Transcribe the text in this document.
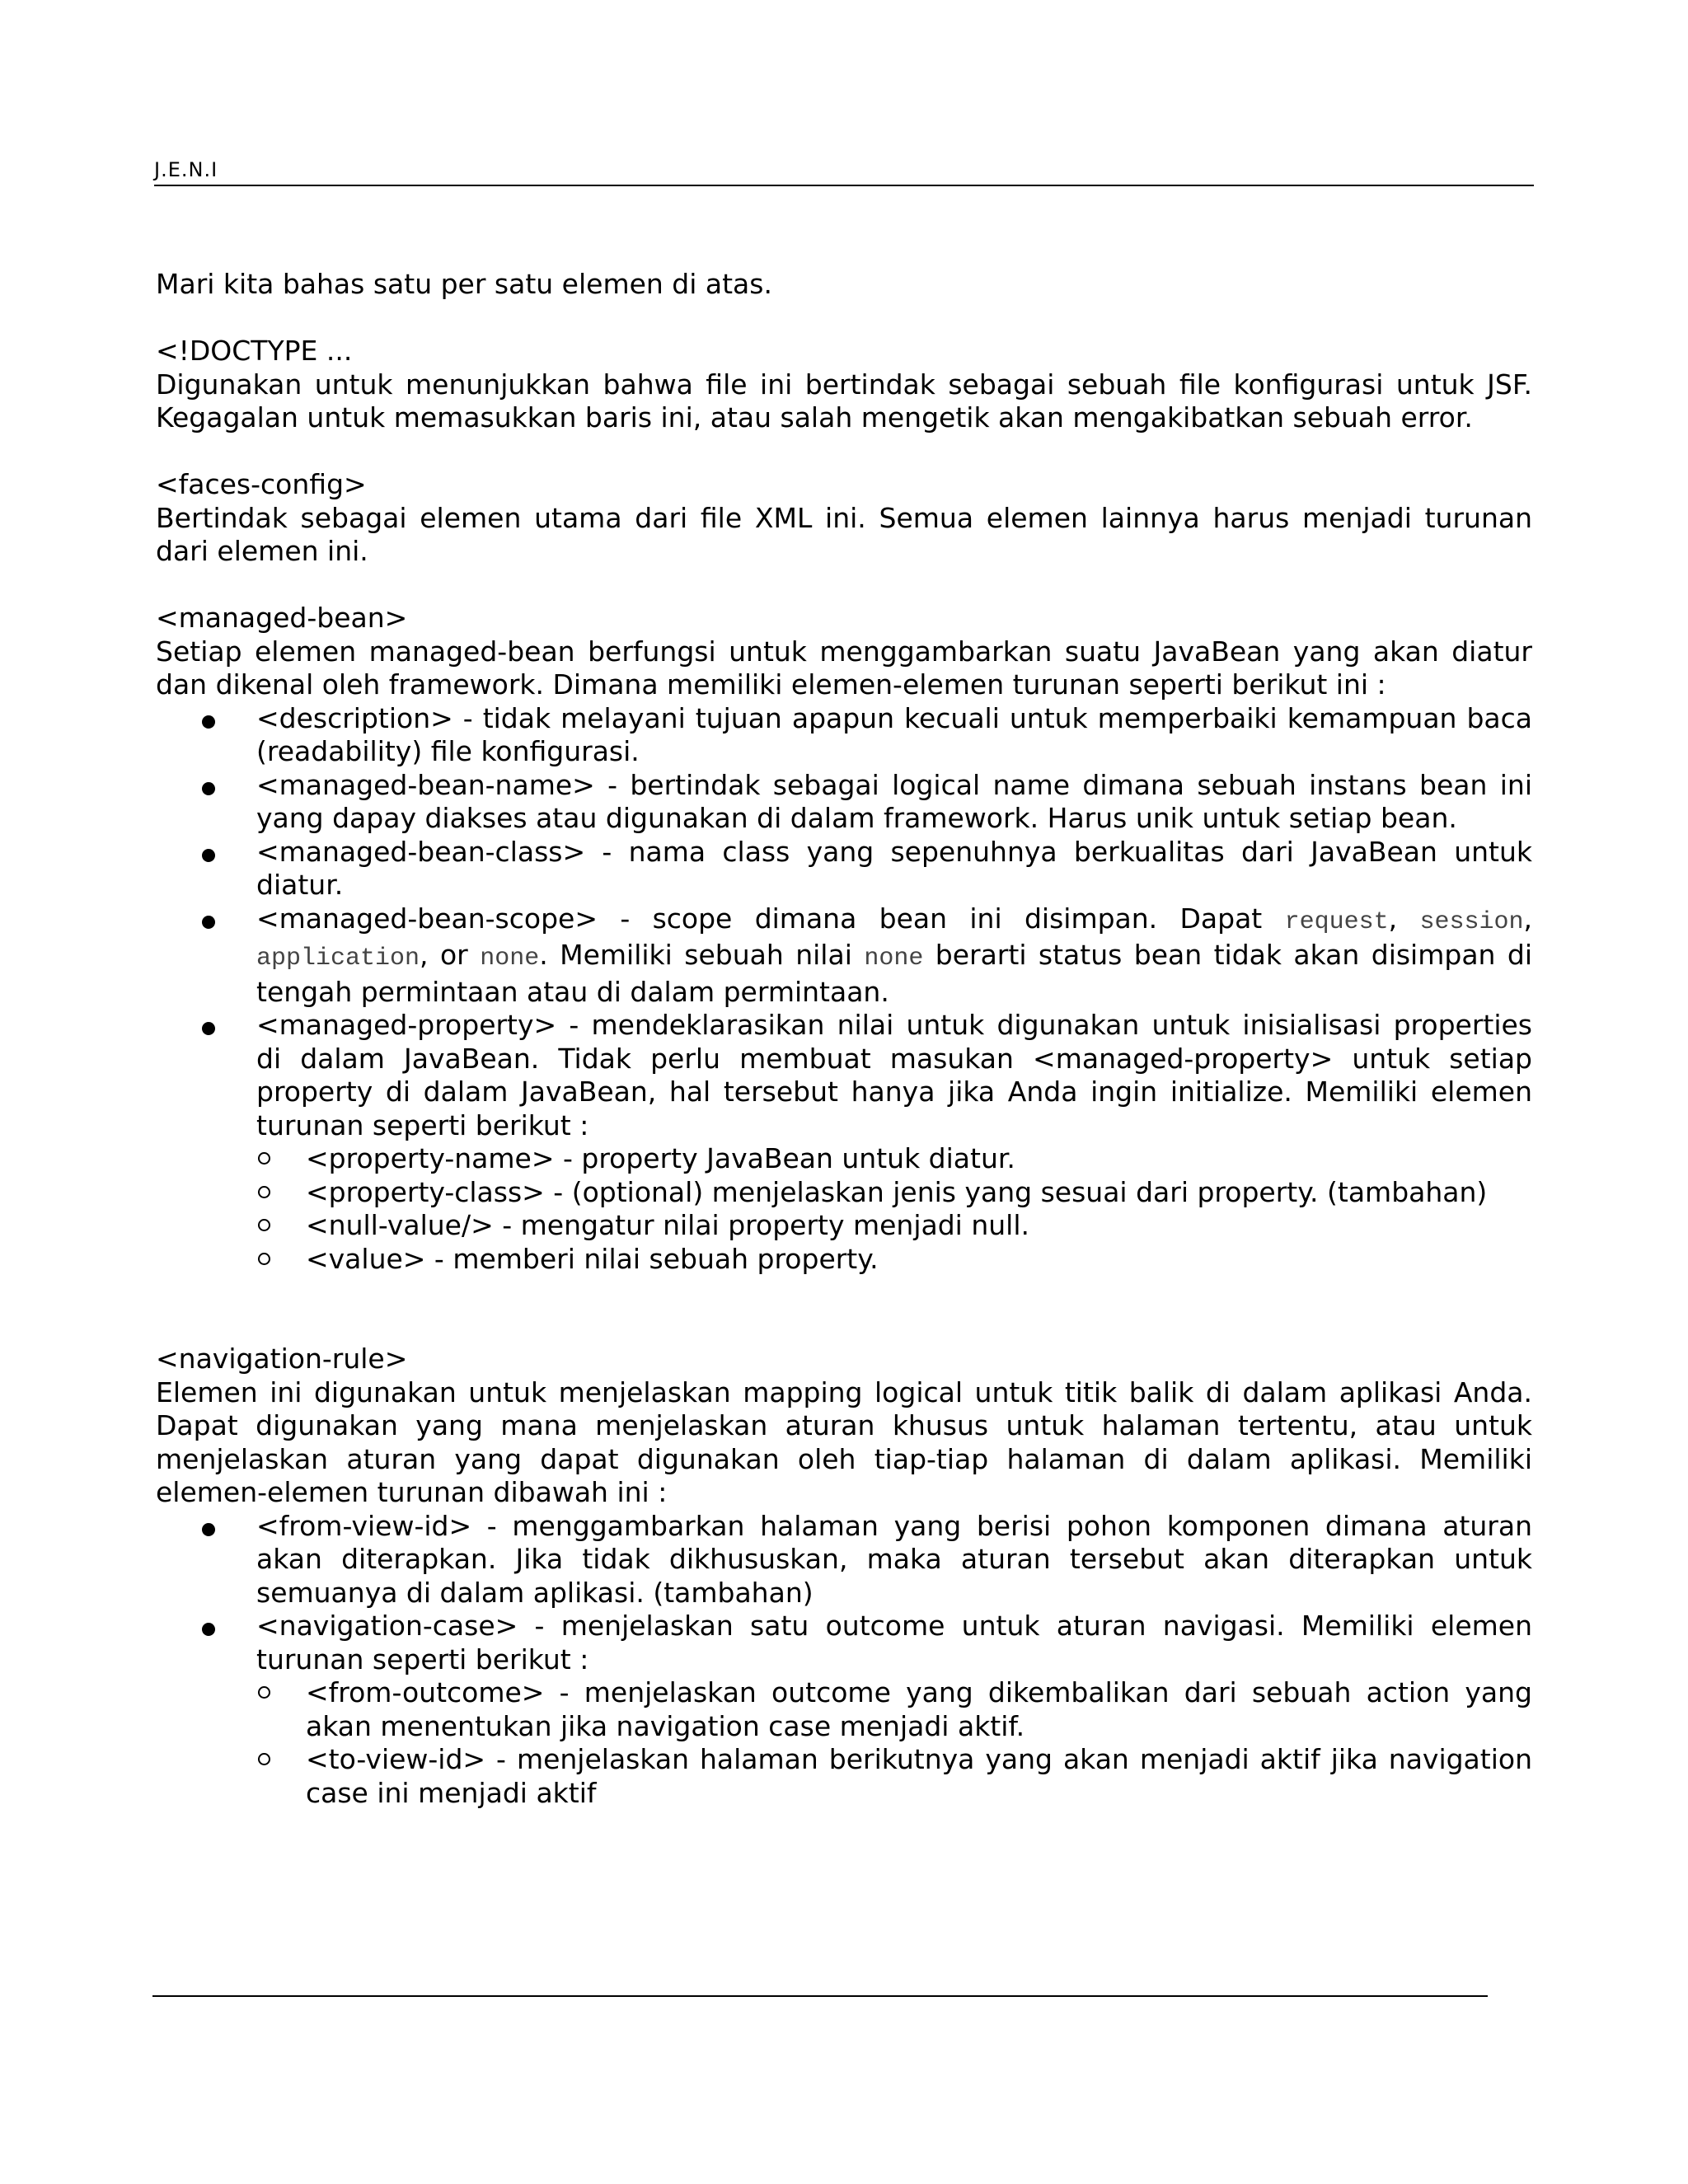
J.E.N.I

Mari kita bahas satu per satu elemen di atas.

<!DOCTYPE ...

Digunakan untuk menunjukkan bahwa file ini bertindak sebagai sebuah file konfigurasi untuk JSF. Kegagalan untuk memasukkan baris ini, atau salah mengetik akan mengakibatkan sebuah error.

<faces-config>

Bertindak sebagai elemen utama dari file XML ini. Semua elemen lainnya harus menjadi turunan dari elemen ini.

<managed-bean>

Setiap elemen managed-bean berfungsi untuk menggambarkan suatu JavaBean yang akan diatur dan dikenal oleh framework. Dimana memiliki elemen-elemen turunan seperti berikut ini :

<description> - tidak melayani tujuan apapun kecuali untuk memperbaiki kemampuan baca (readability) file konfigurasi.
<managed-bean-name> - bertindak sebagai logical name dimana sebuah instans bean ini yang dapay diakses atau digunakan di dalam framework. Harus unik untuk setiap bean.
<managed-bean-class> - nama class yang sepenuhnya berkualitas dari JavaBean untuk diatur.
<managed-bean-scope> - scope dimana bean ini disimpan. Dapat request, session, application, or none. Memiliki sebuah nilai none berarti status bean tidak akan disimpan di tengah permintaan atau di dalam permintaan.
<managed-property> - mendeklarasikan nilai untuk digunakan untuk inisialisasi properties di dalam JavaBean. Tidak perlu membuat masukan <managed-property> untuk setiap property di dalam JavaBean, hal tersebut hanya jika Anda ingin initialize. Memiliki elemen turunan seperti berikut :
<property-name> - property JavaBean untuk diatur.
<property-class> - (optional) menjelaskan jenis yang sesuai dari property. (tambahan)
<null-value/> - mengatur nilai property menjadi null.
<value> - memberi nilai sebuah property.

<navigation-rule>

Elemen ini digunakan untuk menjelaskan mapping logical untuk titik balik di dalam aplikasi Anda. Dapat digunakan yang mana menjelaskan aturan khusus untuk halaman tertentu, atau untuk menjelaskan aturan yang dapat digunakan oleh tiap-tiap halaman di dalam aplikasi. Memiliki elemen-elemen turunan dibawah ini :

<from-view-id> - menggambarkan halaman yang berisi pohon komponen dimana aturan akan diterapkan. Jika tidak dikhususkan, maka aturan tersebut akan diterapkan untuk semuanya di dalam aplikasi. (tambahan)
<navigation-case> - menjelaskan satu outcome untuk aturan navigasi. Memiliki elemen turunan seperti berikut :
<from-outcome> - menjelaskan outcome yang dikembalikan dari sebuah action yang akan menentukan jika navigation case menjadi aktif.
<to-view-id> - menjelaskan halaman berikutnya yang akan menjadi aktif jika navigation case ini menjadi aktif
